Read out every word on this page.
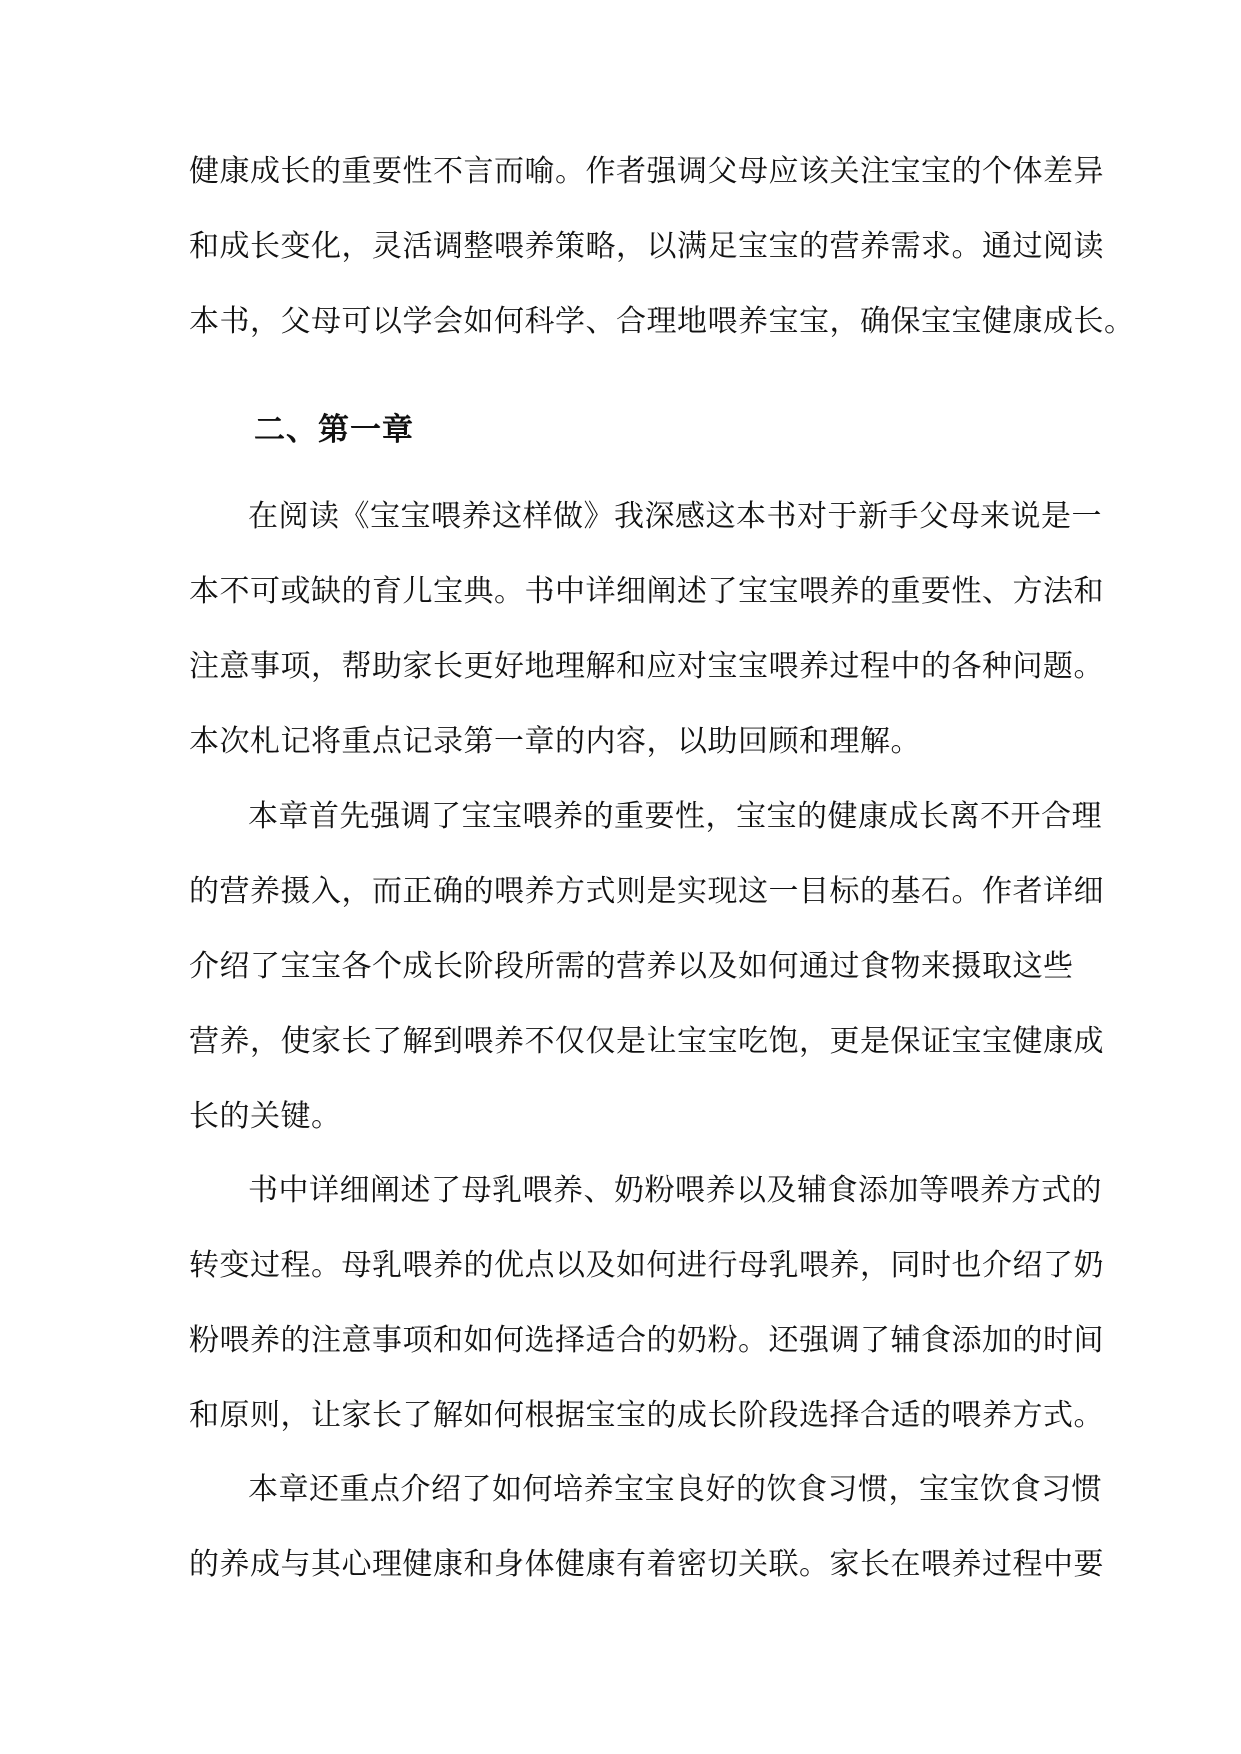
健康成长的重要性不言而喻。作者强调父母应该关注宝宝的个体差异
和成长变化，灵活调整喂养策略，以满足宝宝的营养需求。通过阅读
本书，父母可以学会如何科学、合理地喂养宝宝，确保宝宝健康成长。
二、第一章
在阅读《宝宝喂养这样做》我深感这本书对于新手父母来说是一
本不可或缺的育儿宝典。书中详细阐述了宝宝喂养的重要性、方法和
注意事项，帮助家长更好地理解和应对宝宝喂养过程中的各种问题。
本次札记将重点记录第一章的内容，以助回顾和理解。
本章首先强调了宝宝喂养的重要性，宝宝的健康成长离不开合理
的营养摄入，而正确的喂养方式则是实现这一目标的基石。作者详细
介绍了宝宝各个成长阶段所需的营养以及如何通过食物来摄取这些
营养，使家长了解到喂养不仅仅是让宝宝吃饱，更是保证宝宝健康成
长的关键。
书中详细阐述了母乳喂养、奶粉喂养以及辅食添加等喂养方式的
转变过程。母乳喂养的优点以及如何进行母乳喂养，同时也介绍了奶
粉喂养的注意事项和如何选择适合的奶粉。还强调了辅食添加的时间
和原则，让家长了解如何根据宝宝的成长阶段选择合适的喂养方式。
本章还重点介绍了如何培养宝宝良好的饮食习惯，宝宝饮食习惯
的养成与其心理健康和身体健康有着密切关联。家长在喂养过程中要
